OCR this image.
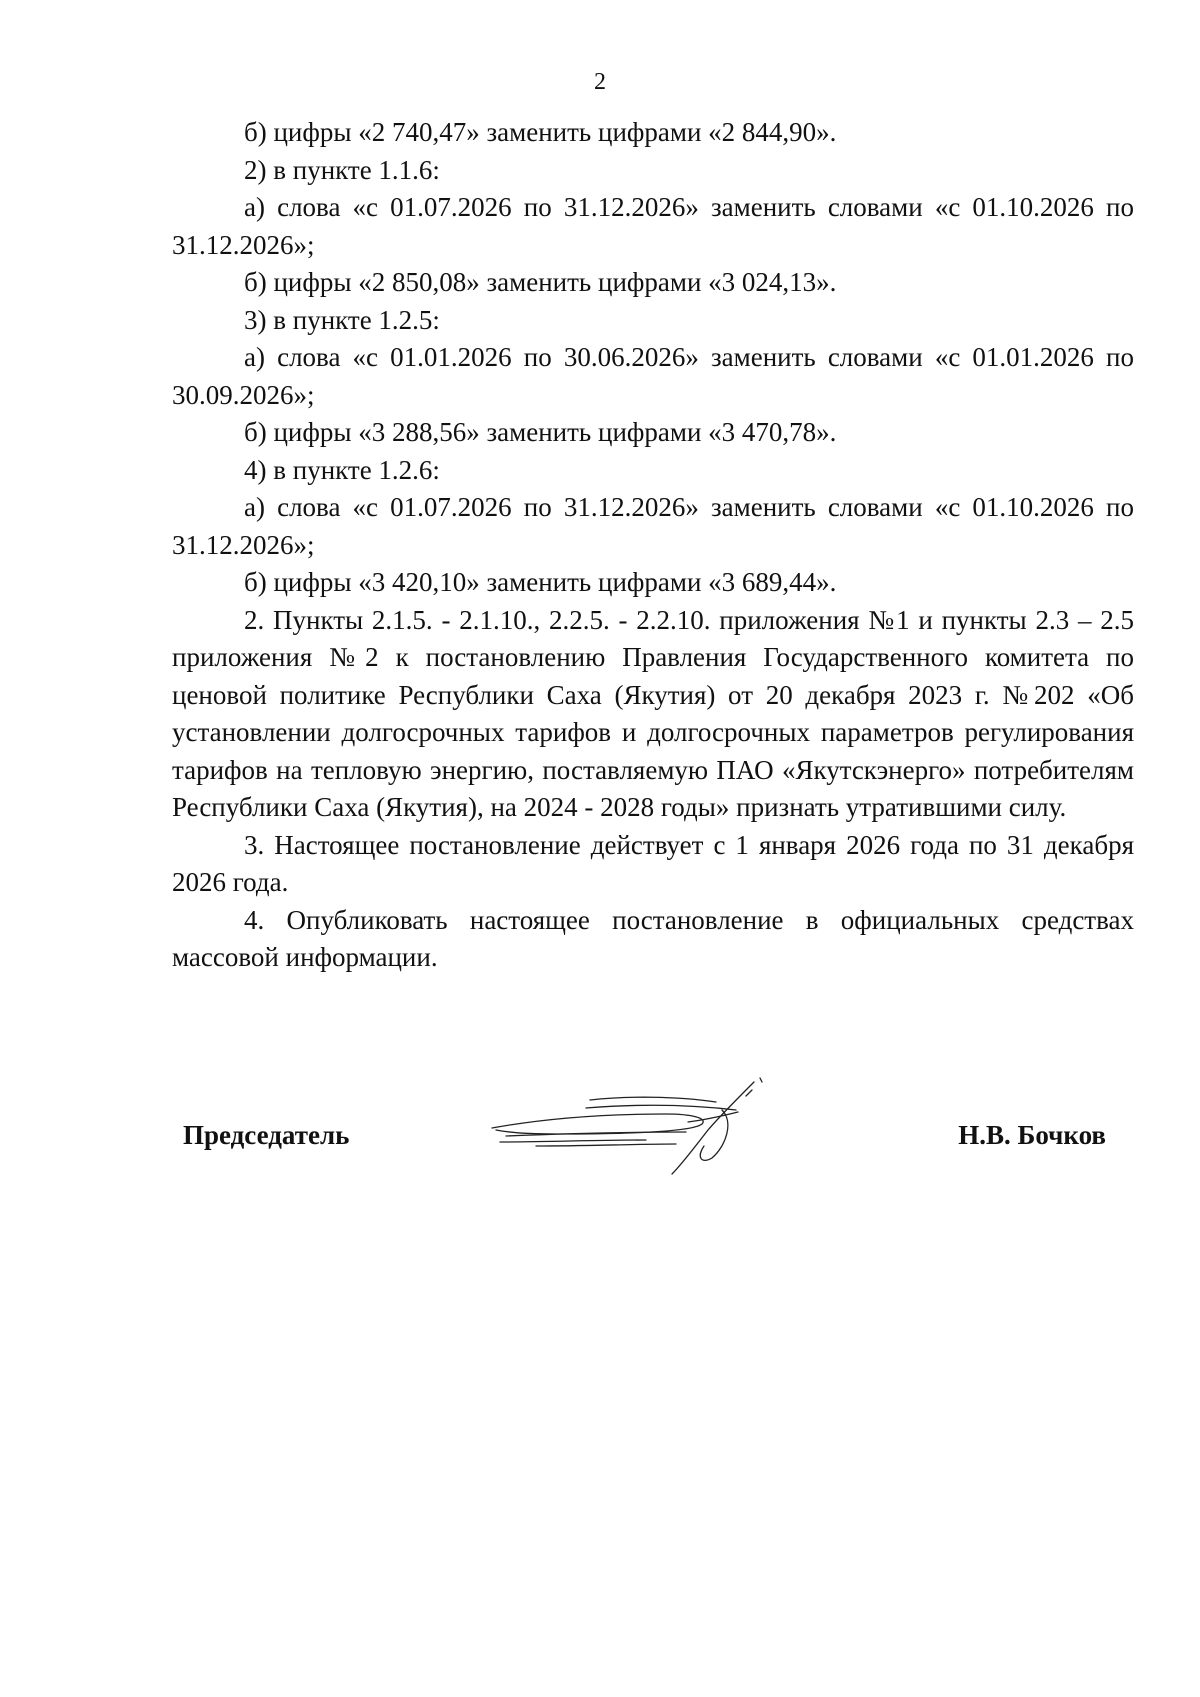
2

б) цифры «2 740,47» заменить цифрами «2 844,90».

2) в пункте 1.1.6:

а) слова «с 01.07.2026 по 31.12.2026» заменить словами «с 01.10.2026 по 31.12.2026»;

б) цифры «2 850,08» заменить цифрами «3 024,13».

3) в пункте 1.2.5:

а) слова «с 01.01.2026 по 30.06.2026» заменить словами «с 01.01.2026 по 30.09.2026»;

б) цифры «3 288,56» заменить цифрами «3 470,78».

4) в пункте 1.2.6:

а) слова «с 01.07.2026 по 31.12.2026» заменить словами «с 01.10.2026 по 31.12.2026»;

б) цифры «3 420,10» заменить цифрами «3 689,44».

2. Пункты 2.1.5. - 2.1.10., 2.2.5. - 2.2.10. приложения №1 и пункты 2.3 – 2.5 приложения №2 к постановлению Правления Государственного комитета по ценовой политике Республики Саха (Якутия) от 20 декабря 2023 г. №202 «Об установлении долгосрочных тарифов и долгосрочных параметров регулирования тарифов на тепловую энергию, поставляемую ПАО «Якутскэнерго» потребителям Республики Саха (Якутия), на 2024 - 2028 годы» признать утратившими силу.

3. Настоящее постановление действует с 1 января 2026 года по 31 декабря 2026 года.

4. Опубликовать настоящее постановление в официальных средствах массовой информации.

Председатель	Н.В. Бочков
